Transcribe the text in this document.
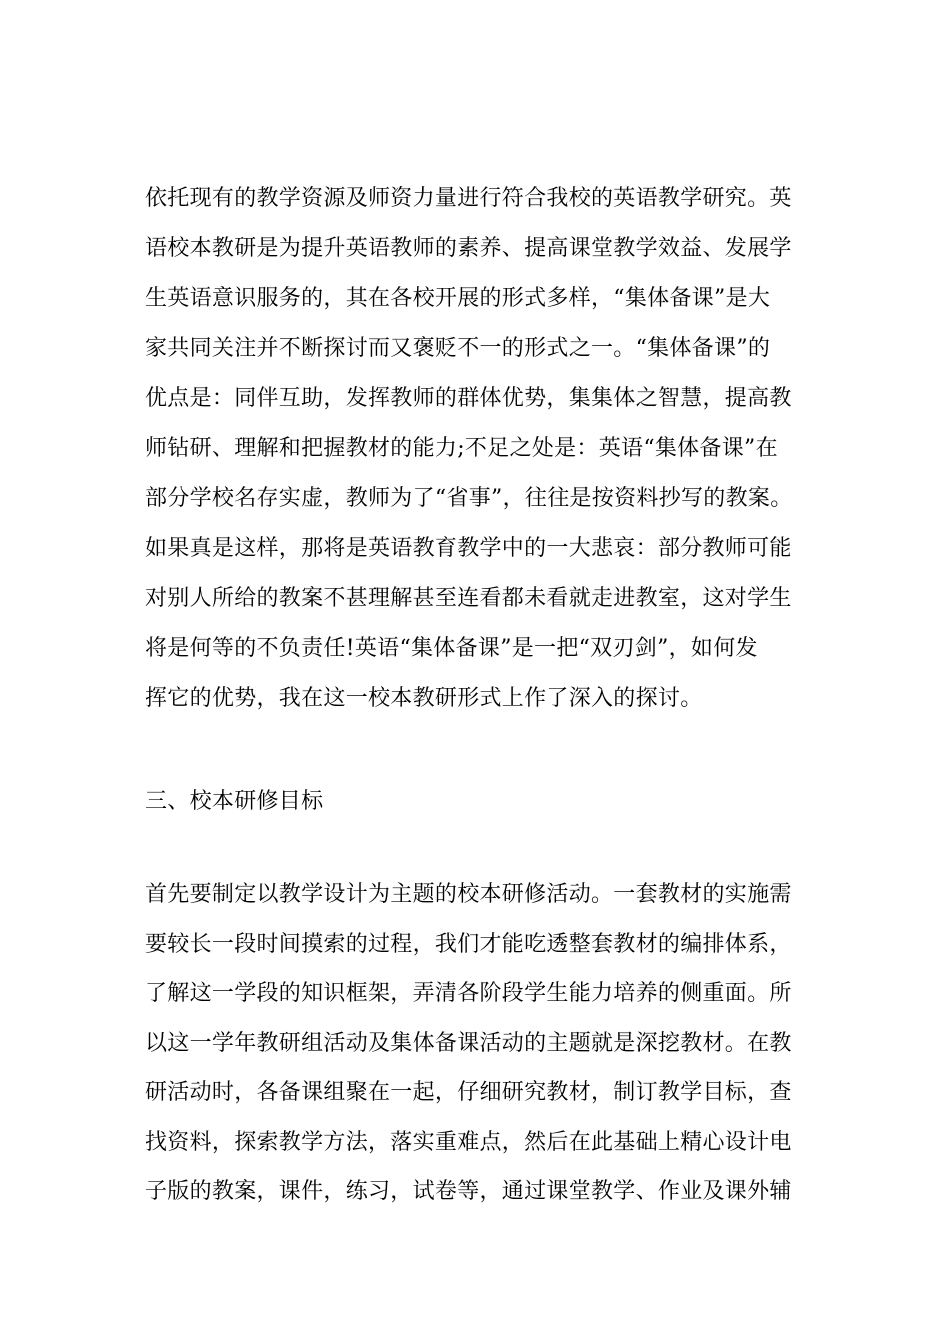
依托现有的教学资源及师资力量进行符合我校的英语教学研究。英
语校本教研是为提升英语教师的素养、提高课堂教学效益、发展学
生英语意识服务的，其在各校开展的形式多样，“集体备课”是大
家共同关注并不断探讨而又褒贬不一的形式之一。“集体备课”的
优点是：同伴互助，发挥教师的群体优势，集集体之智慧，提高教
师钻研、理解和把握教材的能力;不足之处是：英语“集体备课”在
部分学校名存实虚，教师为了“省事”，往往是按资料抄写的教案。
如果真是这样，那将是英语教育教学中的一大悲哀：部分教师可能
对别人所给的教案不甚理解甚至连看都未看就走进教室，这对学生
将是何等的不负责任!英语“集体备课”是一把“双刃剑”，如何发
挥它的优势，我在这一校本教研形式上作了深入的探讨。
三、校本研修目标
首先要制定以教学设计为主题的校本研修活动。一套教材的实施需
要较长一段时间摸索的过程，我们才能吃透整套教材的编排体系，
了解这一学段的知识框架，弄清各阶段学生能力培养的侧重面。所
以这一学年教研组活动及集体备课活动的主题就是深挖教材。在教
研活动时，各备课组聚在一起，仔细研究教材，制订教学目标，查
找资料，探索教学方法，落实重难点，然后在此基础上精心设计电
子版的教案，课件，练习，试卷等，通过课堂教学、作业及课外辅
